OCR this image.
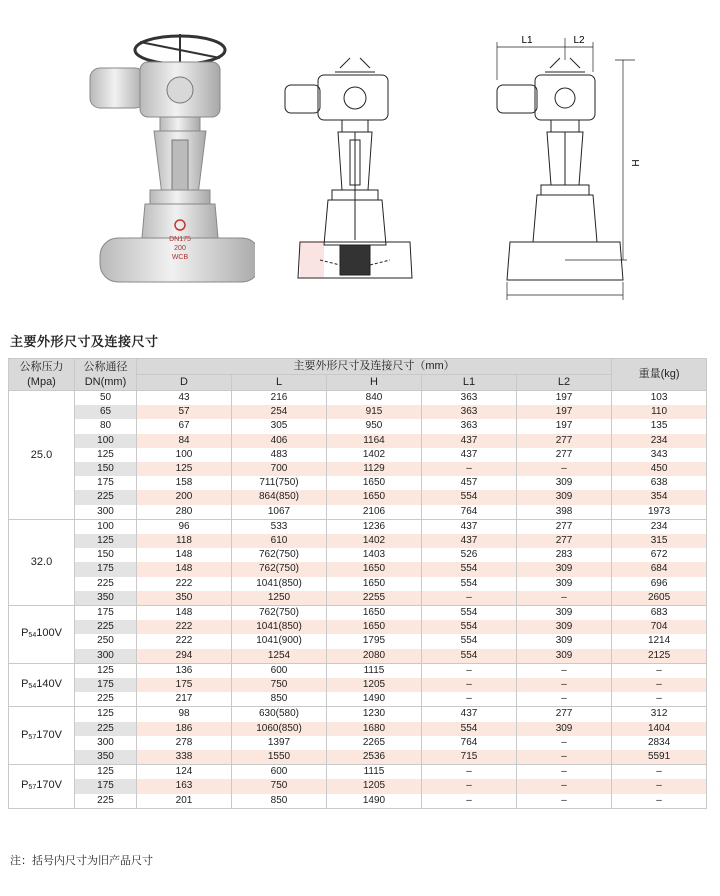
DN175
200
WCB
L1	L2
H
主要外形尺寸及连接尺寸
公称压力
(Mpa)	公称通径
DN(mm)	主要外形尺寸及连接尺寸（mm）					重量(kg)
		D	L	H	L1	L2	
25.0	50	43	216	840	363	197	103
	65	57	254	915	363	197	110
	80	67	305	950	363	197	135
	100	84	406	1164	437	277	234
	125	100	483	1402	437	277	343
	150	125	700	1129	–	–	450
	175	158	711(750)	1650	457	309	638
	225	200	864(850)	1650	554	309	354
	300	280	1067	2106	764	398	1973
32.0	100	96	533	1236	437	277	234
	125	118	610	1402	437	277	315
	150	148	762(750)	1403	526	283	672
	175	148	762(750)	1650	554	309	684
	225	222	1041(850)	1650	554	309	696
	350	350	1250	2255	–	–	2605
P54100V	175	148	762(750)	1650	554	309	683
	225	222	1041(850)	1650	554	309	704
	250	222	1041(900)	1795	554	309	1214
	300	294	1254	2080	554	309	2125
P54140V	125	136	600	1115	–	–	–
	175	175	750	1205	–	–	–
	225	217	850	1490	–	–	–
P57170V	125	98	630(580)	1230	437	277	312
	225	186	1060(850)	1680	554	309	1404
	300	278	1397	2265	764	–	2834
	350	338	1550	2536	715	–	5591
P57170V	125	124	600	1115	–	–	–
	175	163	750	1205	–	–	–
	225	201	850	1490	–	–	–
注：括号内尺寸为旧产品尺寸
